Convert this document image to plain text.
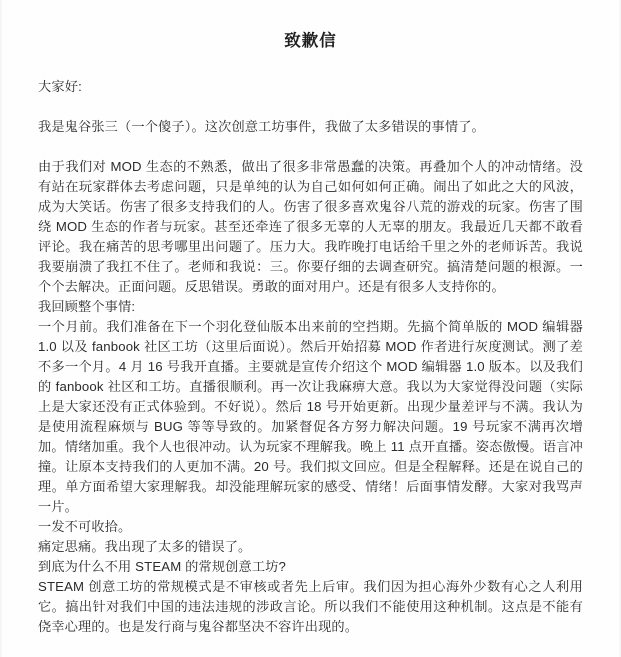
致歉信

大家好:

我是鬼谷张三（一个傻子）。这次创意工坊事件，我做了太多错误的事情了。

由于我们对 MOD 生态的不熟悉，做出了很多非常愚蠢的决策。再叠加个人的冲动情绪。没有站在玩家群体去考虑问题，只是单纯的认为自己如何如何正确。闹出了如此之大的风波，成为大笑话。伤害了很多支持我们的人。伤害了很多喜欢鬼谷八荒的游戏的玩家。伤害了围绕 MOD 生态的作者与玩家。甚至还牵连了很多无辜的人无辜的朋友。我最近几天都不敢看评论。我在痛苦的思考哪里出问题了。压力大。我昨晚打电话给千里之外的老师诉苦。我说我要崩溃了我扛不住了。老师和我说：三。你要仔细的去调查研究。搞清楚问题的根源。一个个去解决。正面问题。反思错误。勇敢的面对用户。还是有很多人支持你的。

我回顾整个事情:

一个月前。我们准备在下一个羽化登仙版本出来前的空挡期。先搞个简单版的 MOD 编辑器 1.0 以及 fanbook 社区工坊（这里后面说）。然后开始招募 MOD 作者进行灰度测试。测了差不多一个月。4 月 16 号我开直播。主要就是宣传介绍这个 MOD 编辑器 1.0 版本。以及我们的 fanbook 社区和工坊。直播很顺利。再一次让我麻痹大意。我以为大家觉得没问题（实际上是大家还没有正式体验到。不好说）。然后 18 号开始更新。出现少量差评与不满。我认为是使用流程麻烦与 BUG 等等导致的。加紧督促各方努力解决问题。19 号玩家不满再次增加。情绪加重。我个人也很冲动。认为玩家不理解我。晚上 11 点开直播。姿态傲慢。语言冲撞。让原本支持我们的人更加不满。20 号。我们拟文回应。但是全程解释。还是在说自己的理。单方面希望大家理解我。却没能理解玩家的感受、情绪！后面事情发酵。大家对我骂声一片。

一发不可收拾。

痛定思痛。我出现了太多的错误了。

到底为什么不用 STEAM 的常规创意工坊?

STEAM 创意工坊的常规模式是不审核或者先上后审。我们因为担心海外少数有心之人利用它。搞出针对我们中国的违法违规的涉政言论。所以我们不能使用这种机制。这点是不能有侥幸心理的。也是发行商与鬼谷都坚决不容许出现的。
